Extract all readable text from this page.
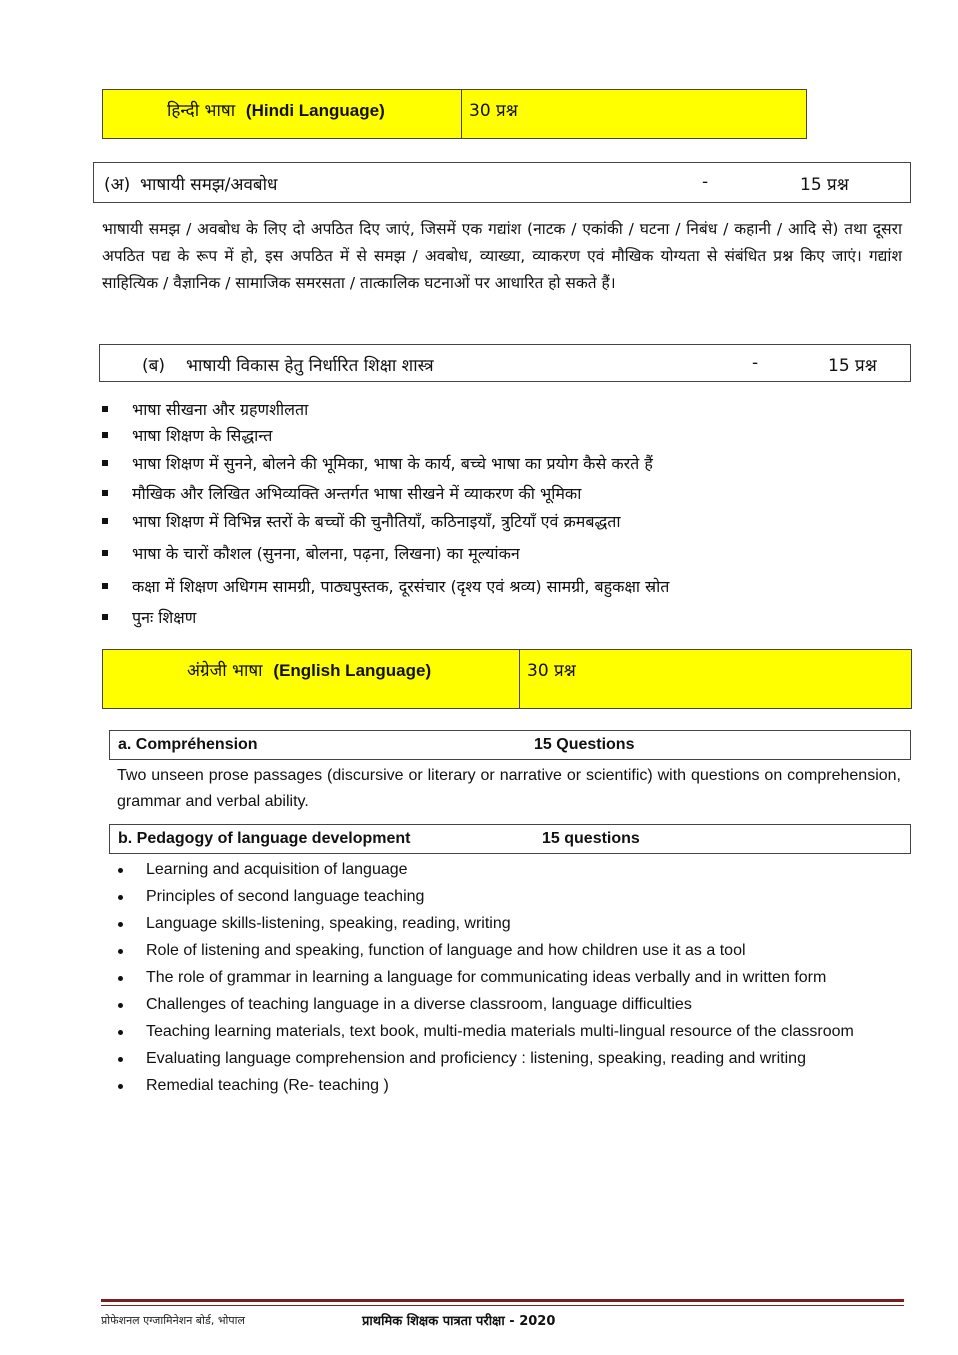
हिन्दी भाषा (Hindi Language)	30 प्रश्न
(अ) भाषायी समझ/अवबोध	-	15 प्रश्न
भाषायी समझ / अवबोध के लिए दो अपठित दिए जाएं, जिसमें एक गद्यांश (नाटक / एकांकी / घटना / निबंध / कहानी / आदि से) तथा दूसरा अपठित पद्य के रूप में हो, इस अपठित में से समझ / अवबोध, व्याख्या, व्याकरण एवं मौखिक योग्यता से संबंधित प्रश्न किए जाएं। गद्यांश साहित्यिक / वैज्ञानिक / सामाजिक समरसता / तात्कालिक घटनाओं पर आधारित हो सकते हैं।
(ब) भाषायी विकास हेतु निर्धारित शिक्षा शास्त्र	-	15 प्रश्न
भाषा सीखना और ग्रहणशीलता
भाषा शिक्षण के सिद्धान्त
भाषा शिक्षण में सुनने, बोलने की भूमिका, भाषा के कार्य, बच्चे भाषा का प्रयोग कैसे करते हैं
मौखिक और लिखित अभिव्यक्ति अन्तर्गत भाषा सीखने में व्याकरण की भूमिका
भाषा शिक्षण में विभिन्न स्तरों के बच्चों की चुनौतियाँ, कठिनाइयाँ, त्रुटियाँ एवं क्रमबद्धता
भाषा के चारों कौशल (सुनना, बोलना, पढ़ना, लिखना) का मूल्यांकन
कक्षा में शिक्षण अधिगम सामग्री, पाठ्यपुस्तक, दूरसंचार (दृश्य एवं श्रव्य) सामग्री, बहुकक्षा स्रोत
पुनः शिक्षण
अंग्रेजी भाषा (English Language)	30 प्रश्न
a. Compréhension	15 Questions
Two unseen prose passages (discursive or literary or narrative or scientific) with questions on comprehension, grammar and verbal ability.
b. Pedagogy of language development	15 questions
Learning and acquisition of language
Principles of second language teaching
Language skills-listening, speaking, reading, writing
Role of listening and speaking, function of language and how children use it as a tool
The role of grammar in learning a language for communicating ideas verbally and in written form
Challenges of teaching language in a diverse classroom, language difficulties
Teaching learning materials, text book, multi-media materials multi-lingual resource of the classroom
Evaluating language comprehension and proficiency : listening, speaking, reading and writing
Remedial teaching (Re- teaching )
प्रोफेशनल एग्जामिनेशन बोर्ड, भोपाल	प्राथमिक शिक्षक पात्रता परीक्षा - 2020
